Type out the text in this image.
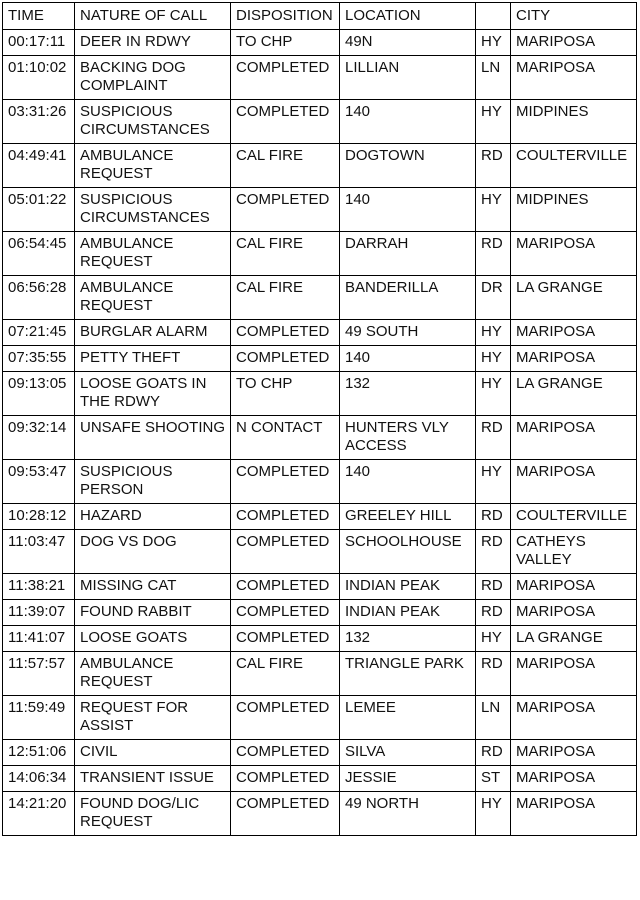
TIME	NATURE OF CALL	DISPOSITION	LOCATION		CITY
00:17:11	DEER IN RDWY	TO CHP	49N	HY	MARIPOSA
01:10:02	BACKING DOG COMPLAINT	COMPLETED	LILLIAN	LN	MARIPOSA
03:31:26	SUSPICIOUS CIRCUMSTANCES	COMPLETED	140	HY	MIDPINES
04:49:41	AMBULANCE REQUEST	CAL FIRE	DOGTOWN	RD	COULTERVILLE
05:01:22	SUSPICIOUS CIRCUMSTANCES	COMPLETED	140	HY	MIDPINES
06:54:45	AMBULANCE REQUEST	CAL FIRE	DARRAH	RD	MARIPOSA
06:56:28	AMBULANCE REQUEST	CAL FIRE	BANDERILLA	DR	LA GRANGE
07:21:45	BURGLAR ALARM	COMPLETED	49 SOUTH	HY	MARIPOSA
07:35:55	PETTY THEFT	COMPLETED	140	HY	MARIPOSA
09:13:05	LOOSE GOATS IN THE RDWY	TO CHP	132	HY	LA GRANGE
09:32:14	UNSAFE SHOOTING	N CONTACT	HUNTERS VLY ACCESS	RD	MARIPOSA
09:53:47	SUSPICIOUS PERSON	COMPLETED	140	HY	MARIPOSA
10:28:12	HAZARD	COMPLETED	GREELEY HILL	RD	COULTERVILLE
11:03:47	DOG VS DOG	COMPLETED	SCHOOLHOUSE	RD	CATHEYS VALLEY
11:38:21	MISSING CAT	COMPLETED	INDIAN PEAK	RD	MARIPOSA
11:39:07	FOUND RABBIT	COMPLETED	INDIAN PEAK	RD	MARIPOSA
11:41:07	LOOSE GOATS	COMPLETED	132	HY	LA GRANGE
11:57:57	AMBULANCE REQUEST	CAL FIRE	TRIANGLE PARK	RD	MARIPOSA
11:59:49	REQUEST FOR ASSIST	COMPLETED	LEMEE	LN	MARIPOSA
12:51:06	CIVIL	COMPLETED	SILVA	RD	MARIPOSA
14:06:34	TRANSIENT ISSUE	COMPLETED	JESSIE	ST	MARIPOSA
14:21:20	FOUND DOG/LIC REQUEST	COMPLETED	49 NORTH	HY	MARIPOSA
